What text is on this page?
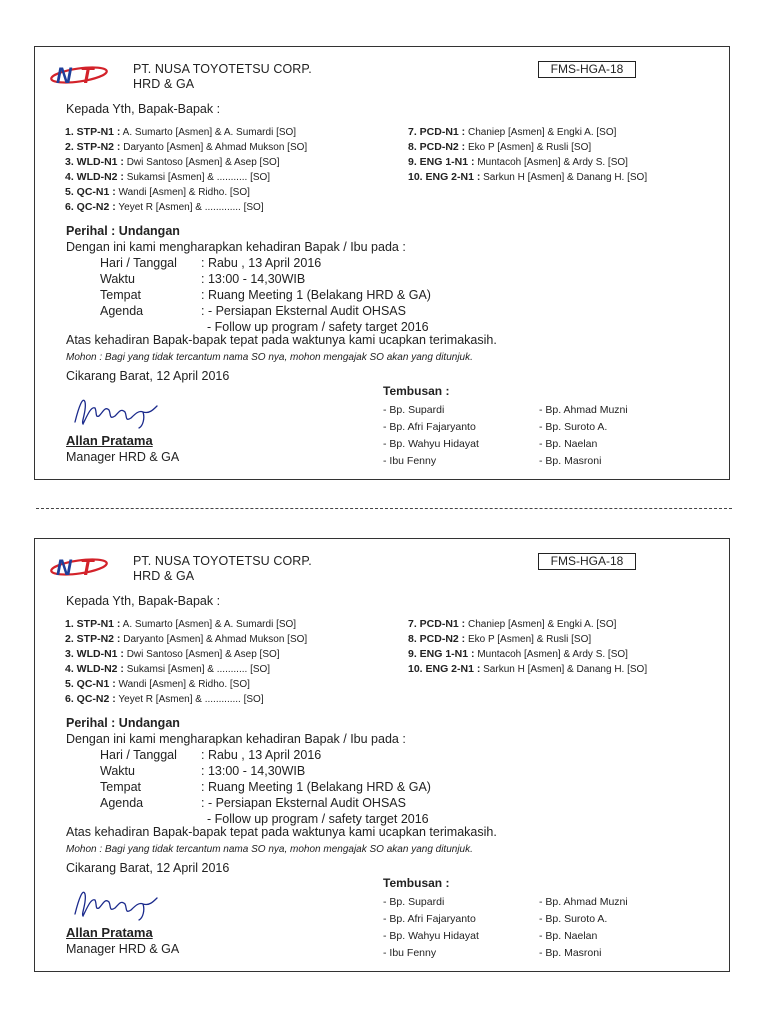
N T	PT. NUSA TOYOTETSU CORP.
HRD & GA
FMS-HGA-18
Kepada Yth, Bapak-Bapak :
1. STP-N1 : A. Sumarto [Asmen] & A. Sumardi [SO]
2. STP-N2 : Daryanto [Asmen] & Ahmad Mukson [SO]
3. WLD-N1 : Dwi Santoso [Asmen] & Asep [SO]
4. WLD-N2 : Sukamsi [Asmen] & ........... [SO]
5. QC-N1 : Wandi [Asmen] & Ridho. [SO]
6. QC-N2 : Yeyet R [Asmen] & ............. [SO]
7. PCD-N1 : Chaniep [Asmen] & Engki A. [SO]
8. PCD-N2 : Eko P [Asmen] & Rusli [SO]
9. ENG 1-N1 : Muntacoh [Asmen] & Ardy S. [SO]
10. ENG 2-N1 : Sarkun H [Asmen] & Danang H. [SO]
Perihal : Undangan
Dengan ini kami mengharapkan kehadiran Bapak / Ibu pada :
Hari / Tanggal : Rabu , 13 April 2016
Waktu	: 13:00 - 14,30WIB
Tempat	: Ruang Meeting 1 (Belakang HRD & GA)
Agenda	: - Persiapan Eksternal Audit OHSAS
- Follow up program / safety target 2016
Atas kehadiran Bapak-bapak tepat pada waktunya kami ucapkan terimakasih.
Mohon : Bagi yang tidak tercantum nama SO nya, mohon mengajak SO akan yang ditunjuk.
Cikarang Barat, 12 April 2016
Allan Pratama
Manager HRD & GA
Tembusan :
- Bp. Supardi
- Bp. Afri Fajaryanto
- Bp. Wahyu Hidayat
- Ibu Fenny
- Bp. Ahmad Muzni
- Bp. Suroto A.
- Bp. Naelan
- Bp. Masroni
N T	PT. NUSA TOYOTETSU CORP.
HRD & GA
FMS-HGA-18
Kepada Yth, Bapak-Bapak :
1. STP-N1 : A. Sumarto [Asmen] & A. Sumardi [SO]
2. STP-N2 : Daryanto [Asmen] & Ahmad Mukson [SO]
3. WLD-N1 : Dwi Santoso [Asmen] & Asep [SO]
4. WLD-N2 : Sukamsi [Asmen] & ........... [SO]
5. QC-N1 : Wandi [Asmen] & Ridho. [SO]
6. QC-N2 : Yeyet R [Asmen] & ............. [SO]
7. PCD-N1 : Chaniep [Asmen] & Engki A. [SO]
8. PCD-N2 : Eko P [Asmen] & Rusli [SO]
9. ENG 1-N1 : Muntacoh [Asmen] & Ardy S. [SO]
10. ENG 2-N1 : Sarkun H [Asmen] & Danang H. [SO]
Perihal : Undangan
Dengan ini kami mengharapkan kehadiran Bapak / Ibu pada :
Hari / Tanggal : Rabu , 13 April 2016
Waktu	: 13:00 - 14,30WIB
Tempat	: Ruang Meeting 1 (Belakang HRD & GA)
Agenda	: - Persiapan Eksternal Audit OHSAS
- Follow up program / safety target 2016
Atas kehadiran Bapak-bapak tepat pada waktunya kami ucapkan terimakasih.
Mohon : Bagi yang tidak tercantum nama SO nya, mohon mengajak SO akan yang ditunjuk.
Cikarang Barat, 12 April 2016
Allan Pratama
Manager HRD & GA
Tembusan :
- Bp. Supardi
- Bp. Afri Fajaryanto
- Bp. Wahyu Hidayat
- Ibu Fenny
- Bp. Ahmad Muzni
- Bp. Suroto A.
- Bp. Naelan
- Bp. Masroni
